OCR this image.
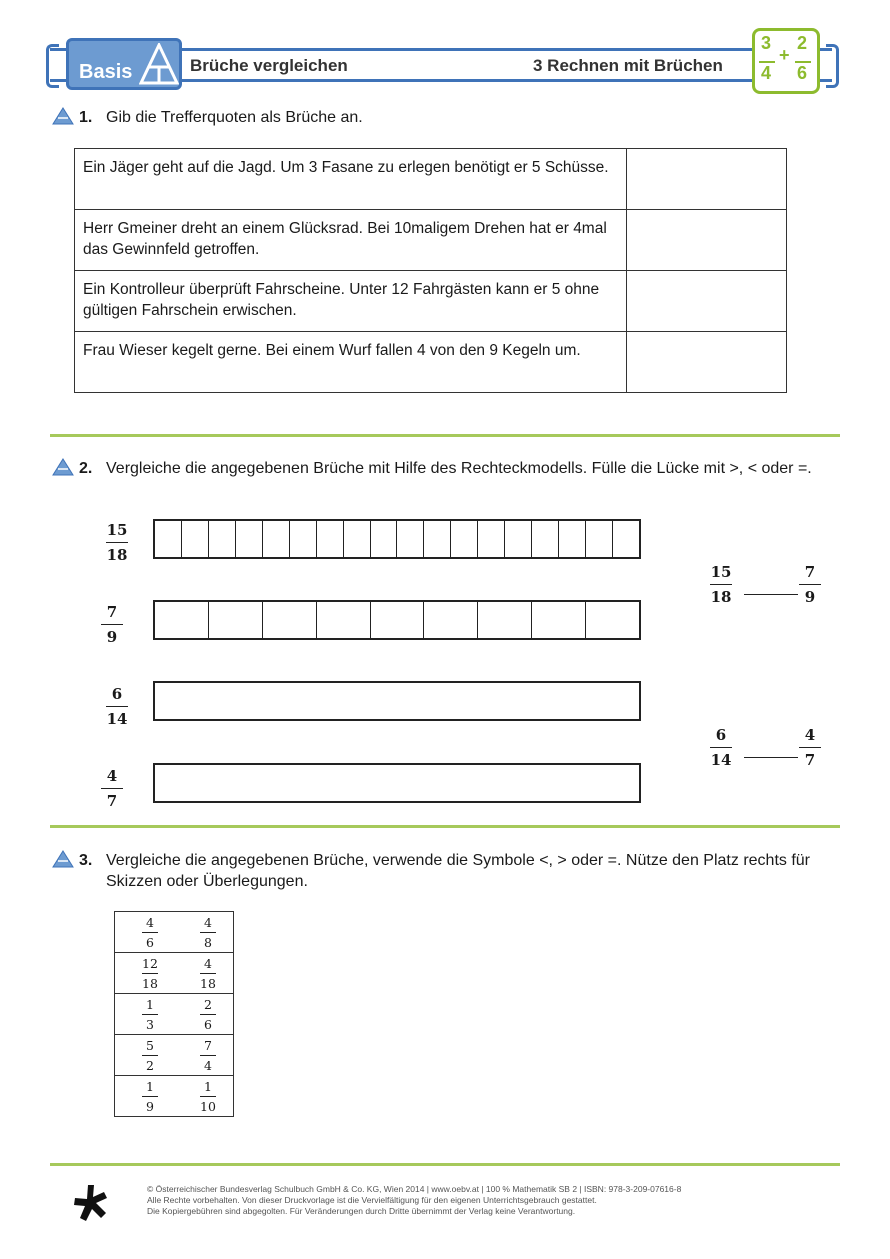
Basis	Brüche vergleichen	3 Rechnen mit Brüchen
3
4
+
2
6
1. Gib die Trefferquoten als Brüche an.
Ein Jäger geht auf die Jagd. Um 3 Fasane zu erlegen benötigt er 5 Schüsse.	
Herr Gmeiner dreht an einem Glücksrad. Bei 10maligem Drehen hat er 4mal das Gewinnfeld getroffen.	
Ein Kontrolleur überprüft Fahrscheine. Unter 12 Fahrgästen kann er 5 ohne gültigen Fahrschein erwischen.	
Frau Wieser kegelt gerne. Bei einem Wurf fallen 4 von den 9 Kegeln um.	
2. Vergleiche die angegebenen Brüche mit Hilfe des Rechteckmodells. Fülle die Lücke mit >, < oder =.
15
18
7
9
6
14
4
7
15
18
7
9
6
14
4
7
3. Vergleiche die angegebenen Brüche, verwende die Symbole <, > oder =. Nütze den Platz rechts für Skizzen oder Überlegungen.
$\frac{4}{6} \frac{4}{8}$

$\frac{12}{18} \frac{4}{18}$

$\frac{1}{3} \frac{2}{6}$

$\frac{5}{2} \frac{7}{4}$

$\frac{1}{9} \frac{1}{10}$
© Österreichischer Bundesverlag Schulbuch GmbH & Co. KG, Wien 2014 | www.oebv.at | 100 % Mathematik SB 2 | ISBN: 978-3-209-07616-8
Alle Rechte vorbehalten. Von dieser Druckvorlage ist die Vervielfältigung für den eigenen Unterrichtsgebrauch gestattet.
Die Kopiergebühren sind abgegolten. Für Veränderungen durch Dritte übernimmt der Verlag keine Verantwortung.
